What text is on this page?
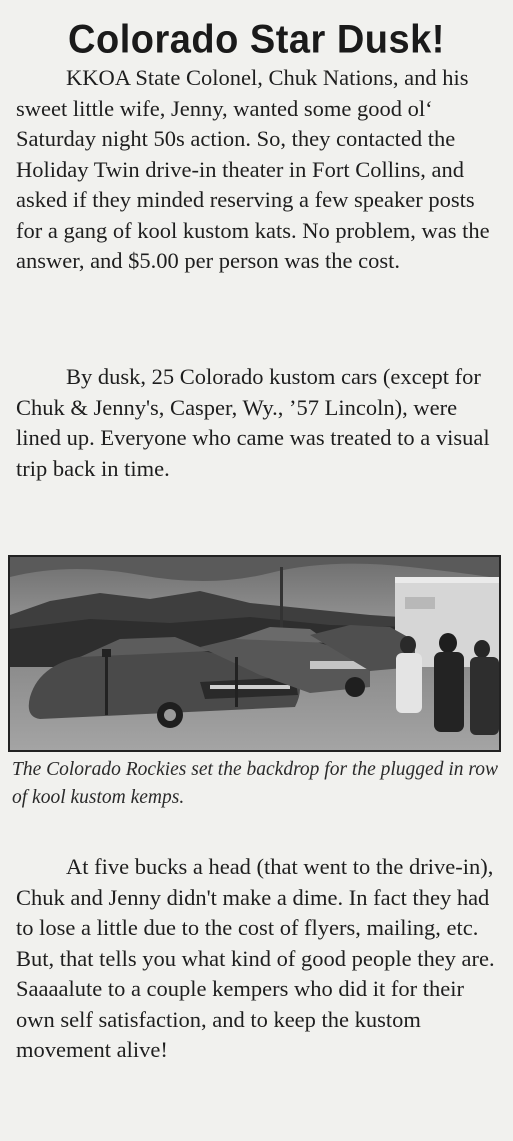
Colorado Star Dusk!

KKOA State Colonel, Chuk Nations, and his sweet little wife, Jenny, wanted some good ol‘ Saturday night 50s action. So, they contacted the Holiday Twin drive-in theater in Fort Collins, and asked if they minded reserving a few speaker posts for a gang of kool kustom kats. No problem, was the answer, and $5.00 per person was the cost.

By dusk, 25 Colorado kustom cars (except for Chuk & Jenny's, Casper, Wy., ’57 Lincoln), were lined up. Everyone who came was treated to a visual trip back in time.

The Colorado Rockies set the backdrop for the plugged in row of kool kustom kemps.

At five bucks a head (that went to the drive-in), Chuk and Jenny didn't make a dime. In fact they had to lose a little due to the cost of flyers, mailing, etc. But, that tells you what kind of good people they are. Saaaalute to a couple kempers who did it for their own self satisfaction, and to keep the kustom movement alive!
